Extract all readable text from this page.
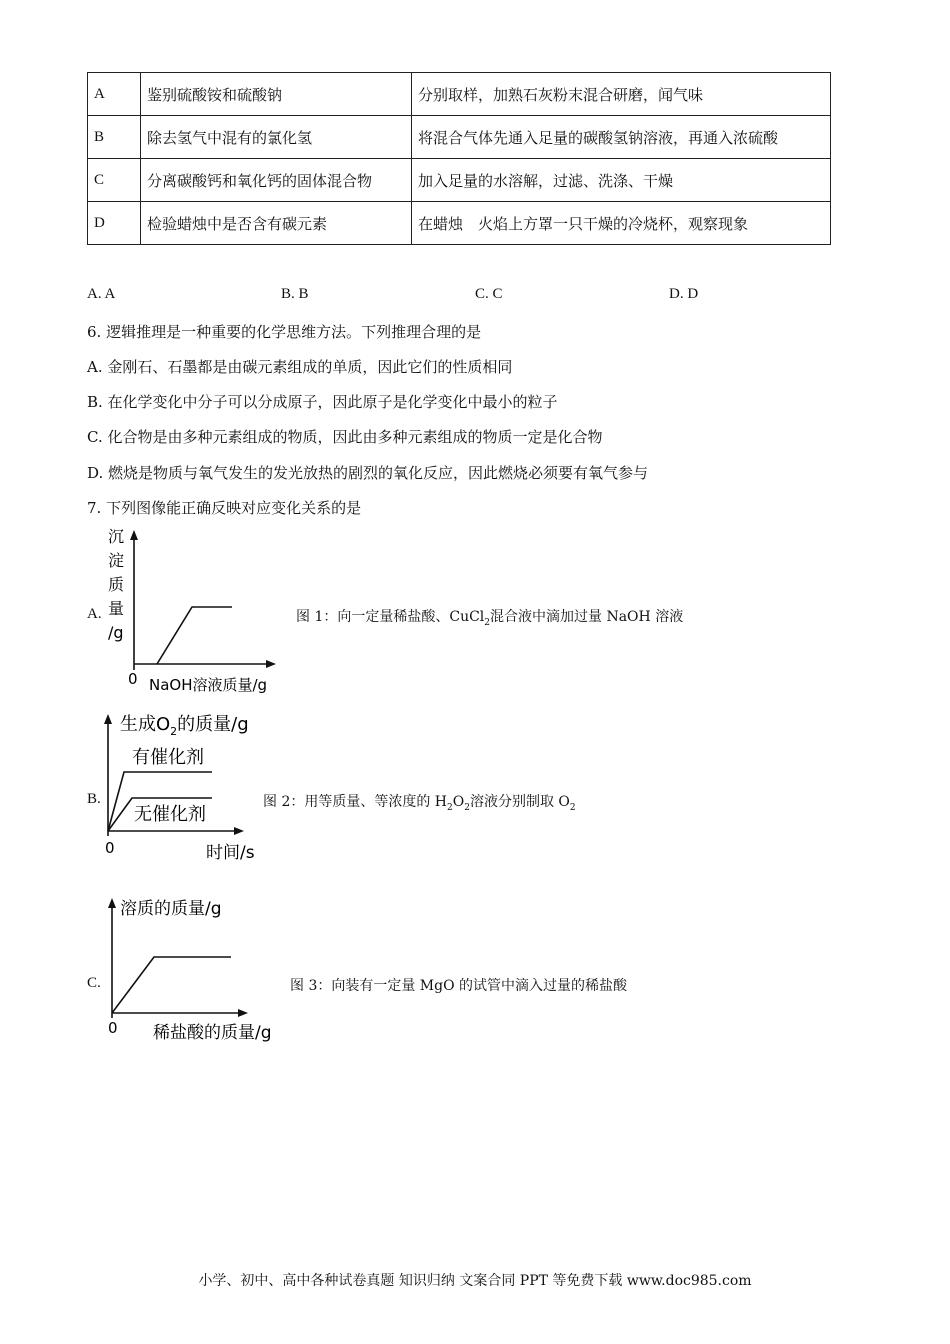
A	鉴别硫酸铵和硫酸钠	分别取样，加熟石灰粉末混合研磨，闻气味
B	除去氢气中混有的氯化氢	将混合气体先通入足量的碳酸氢钠溶液，再通入浓硫酸
C	分离碳酸钙和氧化钙的固体混合物	加入足量的水溶解，过滤、洗涤、干燥
D	检验蜡烛中是否含有碳元素	在蜡烛　火焰上方罩一只干燥的冷烧杯，观察现象
A. A	B. B	C. C	D. D
6. 逻辑推理是一种重要的化学思维方法。下列推理合理的是
A. 金刚石、石墨都是由碳元素组成的单质，因此它们的性质相同
B. 在化学变化中分子可以分成原子，因此原子是化学变化中最小的粒子
C. 化合物是由多种元素组成的物质，因此由多种元素组成的物质一定是化合物
D. 燃烧是物质与氧气发生的发光放热的剧烈的氧化反应，因此燃烧必须要有氧气参与
7. 下列图像能正确反映对应变化关系的是
A.
沉
淀
质
量
/g
0 NaOH溶液质量/g
图 1：向一定量稀盐酸、CuCl$_2$混合液中滴加过量 NaOH 溶液
B.
生成$O_2$的质量/g
有催化剂
无催化剂
0	时间/s
图 2：用等质量、等浓度的 $H_2O_2$溶液分别制取 $O_2$
C.
溶质的质量/g
0 稀盐酸的质量/g
图 3：向装有一定量 MgO 的试管中滴入过量的稀盐酸
小学、初中、高中各种试卷真题 知识归纳 文案合同 PPT 等免费下载 www.doc985.com
